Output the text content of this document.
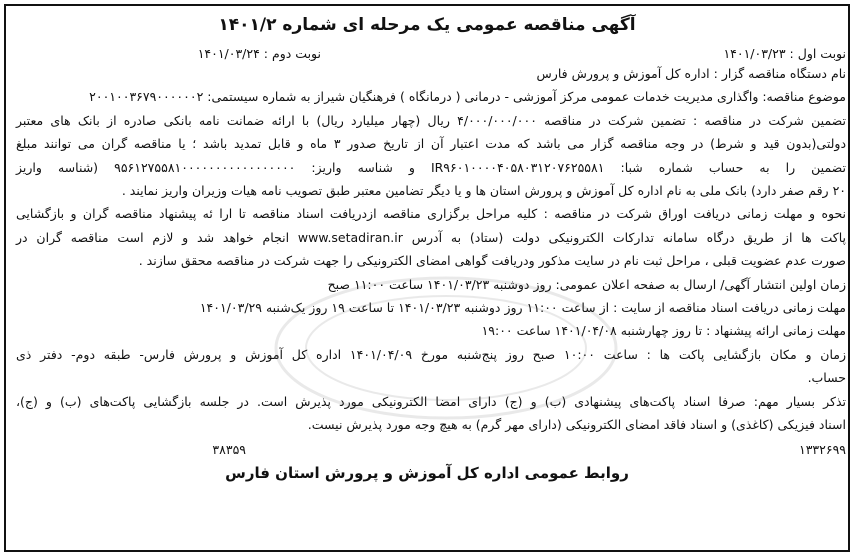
آگهی مناقصه عمومی یک مرحله ای شماره ۱۴۰۱/۲
نوبت اول : ۱۴۰۱/۰۳/۲۳
نوبت دوم : ۱۴۰۱/۰۳/۲۴
نام دستگاه مناقصه گزار : اداره کل آموزش و پرورش فارس
موضوع مناقصه: واگذاری مدیریت خدمات عمومی مرکز آموزشی - درمانی ( درمانگاه ) فرهنگیان شیراز به شماره سیستمی: ۲۰۰۱۰۰۳۶۷۹۰۰۰۰۰۰۲
تضمین شرکت در مناقصه : تضمین شرکت در مناقصه ۴/۰۰۰/۰۰۰/۰۰۰ ریال (چهار میلیارد ریال) با ارائه ضمانت نامه بانکی صادره از بانک های معتبر
دولتی(بدون قید و شرط) در وجه مناقصه گزار می باشد که مدت اعتبار آن از تاریخ صدور ۳ ماه و قابل تمدید باشد ؛ یا مناقصه گران می توانند مبلغ
تضمین را به حساب شماره شبا: IR۹۶۰۱۰۰۰۰۴۰۵۸۰۳۱۲۰۷۶۲۵۵۸۱ و شناسه واریز: ۹۵۶۱۲۷۵۵۸۱۰۰۰۰۰۰۰۰۰۰۰۰۰۰۰۰۰ (شناسه واریز
۲۰ رقم صفر دارد) بانک ملی به نام اداره کل آموزش و پرورش استان ها و یا دیگر تضامین معتبر طبق تصویب نامه هیات وزیران واریز نمایند .
نحوه و مهلت زمانی دریافت اوراق شرکت در مناقصه : کلیه مراحل برگزاری مناقصه ازدریافت اسناد مناقصه تا ارا ئه پیشنهاد مناقصه گران و بازگشایی
پاکت ها از طریق درگاه سامانه تدارکات الکترونیکی دولت (ستاد) به آدرس www.setadiran.ir انجام خواهد شد و لازم است مناقصه گران در
صورت عدم عضویت قبلی ، مراحل ثبت نام در سایت مذکور ودریافت گواهی امضای الکترونیکی را جهت شرکت در مناقصه محقق سازند .
زمان اولین انتشار آگهی/ ارسال به صفحه اعلان عمومی: روز دوشنبه ۱۴۰۱/۰۳/۲۳ ساعت ۱۱:۰۰ صبح
مهلت زمانی دریافت اسناد مناقصه از سایت : از ساعت ۱۱:۰۰ روز دوشنبه ۱۴۰۱/۰۳/۲۳ تا ساعت ۱۹ روز یک‌شنبه ۱۴۰۱/۰۳/۲۹
مهلت زمانی ارائه پیشنهاد : تا روز چهارشنبه ۱۴۰۱/۰۴/۰۸ ساعت ۱۹:۰۰
زمان و مکان بازگشایی پاکت ها : ساعت ۱۰:۰۰ صبح روز پنج‌شنبه مورخ ۱۴۰۱/۰۴/۰۹ اداره کل آموزش و پرورش فارس- طبقه دوم- دفتر ذی
حساب.
تذکر بسیار مهم: صرفا اسناد پاکت‌های پیشنهادی (ب) و (ج) دارای امضا الکترونیکی مورد پذیرش است. در جلسه بازگشایی پاکت‌های (ب) و (ج)،
اسناد فیزیکی (کاغذی) و اسناد فاقد امضای الکترونیکی (دارای مهر گرم) به هیچ وجه مورد پذیرش نیست.
۱۳۳۲۶۹۹
۳۸۳۵۹
روابط عمومی اداره کل آموزش و پرورش استان فارس
